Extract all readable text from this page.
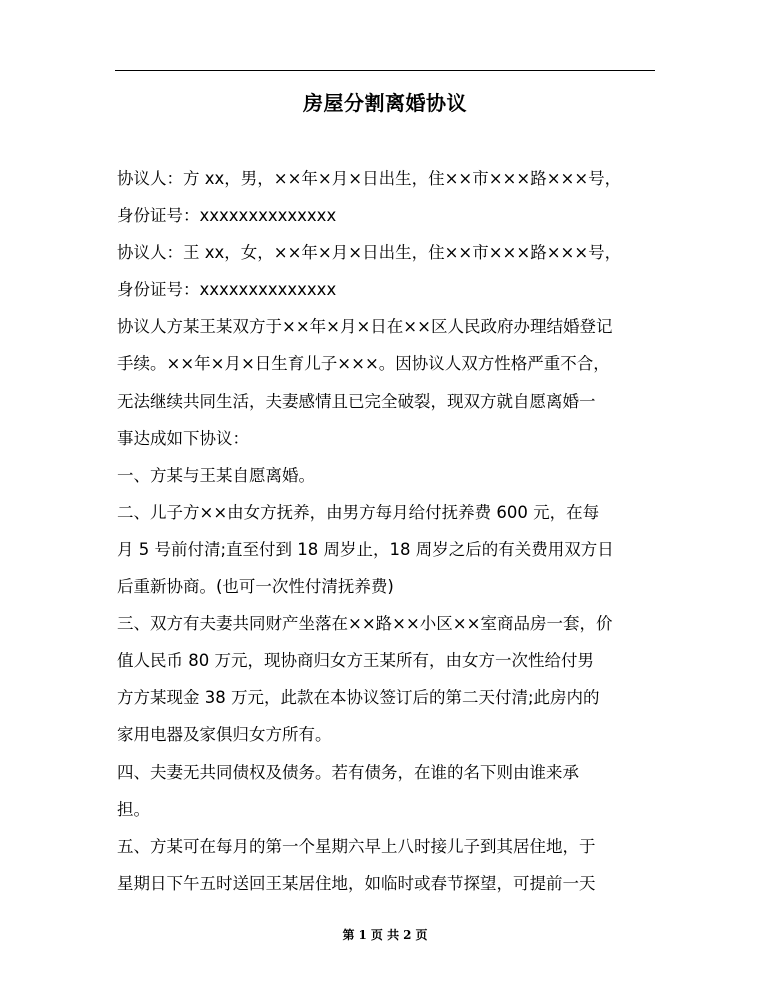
房屋分割离婚协议
协议人：方 xx，男，××年×月×日出生，住××市×××路×××号，
身份证号：xxxxxxxxxxxxxx
协议人：王 xx，女，××年×月×日出生，住××市×××路×××号，
身份证号：xxxxxxxxxxxxxx
协议人方某王某双方于××年×月×日在××区人民政府办理结婚登记
手续。××年×月×日生育儿子×××。因协议人双方性格严重不合，
无法继续共同生活，夫妻感情且已完全破裂，现双方就自愿离婚一
事达成如下协议：
一、方某与王某自愿离婚。
二、儿子方××由女方抚养，由男方每月给付抚养费 600 元，在每
月 5 号前付清;直至付到 18 周岁止，18 周岁之后的有关费用双方日
后重新协商。(也可一次性付清抚养费)
三、双方有夫妻共同财产坐落在××路××小区××室商品房一套，价
值人民币 80 万元，现协商归女方王某所有，由女方一次性给付男
方方某现金 38 万元，此款在本协议签订后的第二天付清;此房内的
家用电器及家俱归女方所有。
四、夫妻无共同债权及债务。若有债务，在谁的名下则由谁来承
担。
五、方某可在每月的第一个星期六早上八时接儿子到其居住地，于
星期日下午五时送回王某居住地，如临时或春节探望，可提前一天
第 1 页 共 2 页
